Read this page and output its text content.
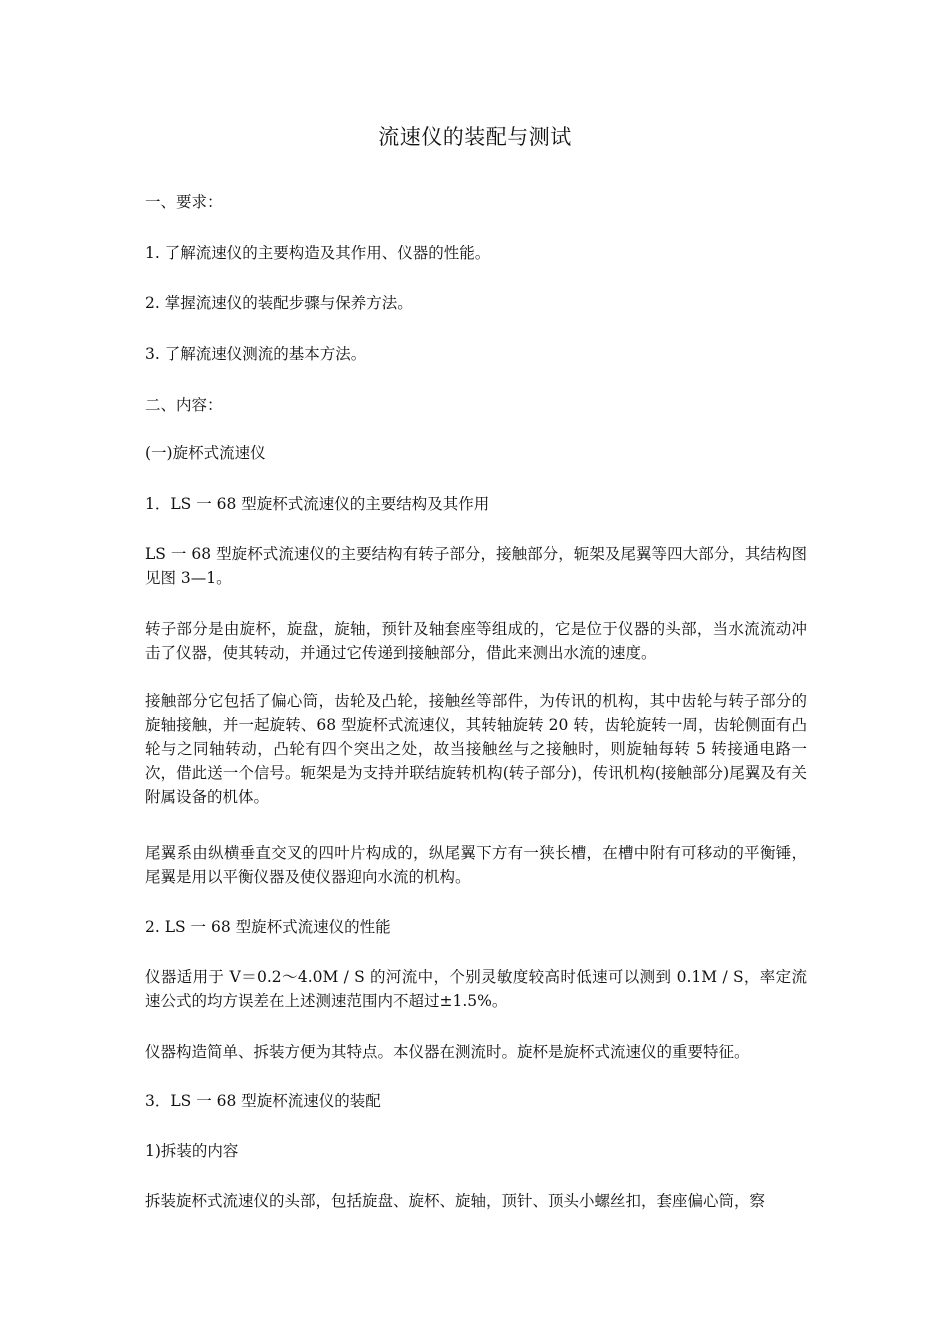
流速仪的装配与测试

一、要求：

1. 了解流速仪的主要构造及其作用、仪器的性能。

2. 掌握流速仪的装配步骤与保养方法。

3. 了解流速仪测流的基本方法。

二、内容：

(一)旋杯式流速仪

1．LS 一 68 型旋杯式流速仪的主要结构及其作用

LS 一 68 型旋杯式流速仪的主要结构有转子部分，接触部分，轭架及尾翼等四大部分，其结构图见图 3—1。

转子部分是由旋杯，旋盘，旋轴，预针及轴套座等组成的，它是位于仪器的头部，当水流流动冲击了仪器，使其转动，并通过它传递到接触部分，借此来测出水流的速度。

接触部分它包括了偏心筒，齿轮及凸轮，接触丝等部件，为传讯的机构，其中齿轮与转子部分的旋轴接触，并一起旋转、68 型旋杯式流速仪，其转轴旋转 20 转，齿轮旋转一周，齿轮侧面有凸轮与之同轴转动，凸轮有四个突出之处，故当接触丝与之接触时，则旋轴每转 5 转接通电路一次，借此送一个信号。轭架是为支持并联结旋转机构(转子部分)，传讯机构(接触部分)尾翼及有关附属设备的机体。

尾翼系由纵横垂直交叉的四叶片构成的，纵尾翼下方有一狭长槽，在槽中附有可移动的平衡锤，尾翼是用以平衡仪器及使仪器迎向水流的机构。

2. LS 一 68 型旋杯式流速仪的性能

仪器适用于 V＝0.2～4.0M / S 的河流中，个别灵敏度较高时低速可以测到 0.1M / S，率定流速公式的均方误差在上述测速范围内不超过±1.5%。

仪器构造简单、拆装方便为其特点。本仪器在测流时。旋杯是旋杯式流速仪的重要特征。

3．LS 一 68 型旋杯流速仪的装配

1)拆装的内容

拆装旋杯式流速仪的头部，包括旋盘、旋杯、旋轴，顶针、顶头小螺丝扣，套座偏心筒，察
